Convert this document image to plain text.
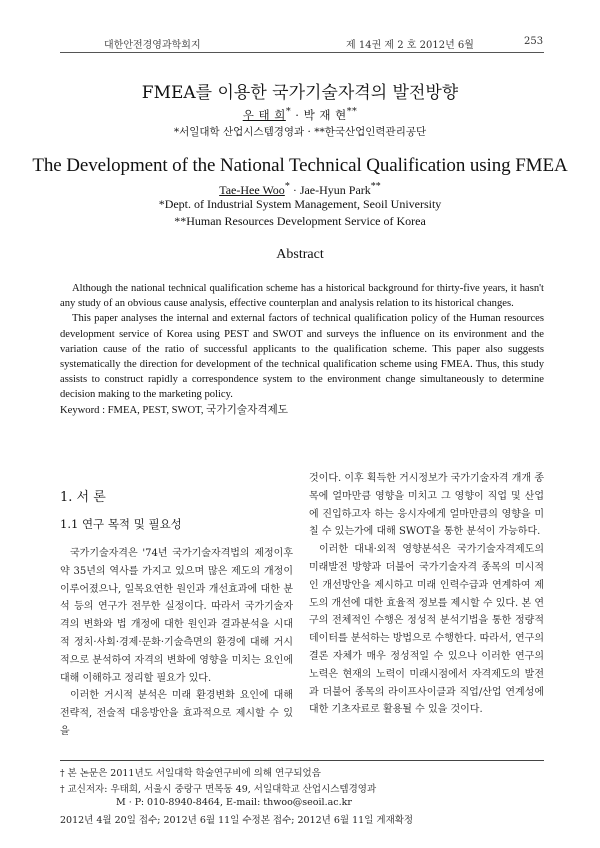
대한안전경영과학회지	제 14권 제 2 호 2012년 6월	253
FMEA를 이용한 국가기술자격의 발전방향
우 태 희* · 박 재 현**
*서일대학 산업시스템경영과 · **한국산업인력관리공단
The Development of the National Technical Qualification using FMEA
Tae-Hee Woo* · Jae-Hyun Park**
*Dept. of Industrial System Management, Seoil University
**Human Resources Development Service of Korea
Abstract

Although the national technical qualification scheme has a historical background for thirty-five years, it hasn't any study of an obvious cause analysis, effective counterplan and analysis relation to its historical changes.

This paper analyses the internal and external factors of technical qualification policy of the Human resources development service of Korea using PEST and SWOT and surveys the influence on its environment and the variation cause of the ratio of successful applicants to the qualification scheme. This paper also suggests systematically the direction for development of the technical qualification scheme using FMEA. Thus, this study assists to construct rapidly a correspondence system to the environment change simultaneously to determine decision making to the marketing policy.

Keyword : FMEA, PEST, SWOT, 국가기술자격제도

1. 서 론
1.1 연구 목적 및 필요성

국가기술자격은 '74년 국가기술자격법의 제정이후 약 35년의 역사를 가지고 있으며 많은 제도의 개정이 이루어졌으나, 일목요연한 원인과 개선효과에 대한 분석 등의 연구가 전무한 실정이다. 따라서 국가기술자격의 변화와 법 개정에 대한 원인과 결과분석을 시대적 정치·사회·경제·문화·기술측면의 환경에 대해 거시적으로 분석하여 자격의 변화에 영향을 미치는 요인에 대해 이해하고 정리할 필요가 있다.

이러한 거시적 분석은 미래 환경변화 요인에 대해 전략적, 전술적 대응방안을 효과적으로 제시할 수 있을

것이다. 이후 획득한 거시정보가 국가기술자격 개개 종목에 얼마만큼 영향을 미치고 그 영향이 직업 및 산업에 진입하고자 하는 응시자에게 얼마만큼의 영향을 미칠 수 있는가에 대해 SWOT을 통한 분석이 가능하다.

이러한 대내·외적 영향분석은 국가기술자격제도의 미래발전 방향과 더불어 국가기술자격 종목의 미시적인 개선방안을 제시하고 미래 인력수급과 연계하여 제도의 개선에 대한 효율적 정보를 제시할 수 있다. 본 연구의 전체적인 수행은 정성적 분석기법을 통한 정량적 데이터를 분석하는 방법으로 수행한다. 따라서, 연구의 결론 자체가 매우 정성적일 수 있으나 이러한 연구의 노력은 현재의 노력이 미래시점에서 자격제도의 발전과 더불어 종목의 라이프사이클과 직업/산업 연계성에 대한 기초자료로 활용될 수 있을 것이다.

† 본 논문은 2011년도 서일대학 학술연구비에 의해 연구되었음
† 교신저자: 우태희, 서울시 중랑구 면목동 49, 서일대학교 산업시스템경영과
M · P: 010-8940-8464, E-mail: thwoo@seoil.ac.kr
2012년 4월 20일 접수; 2012년 6월 11일 수정본 접수; 2012년 6월 11일 게재확정
